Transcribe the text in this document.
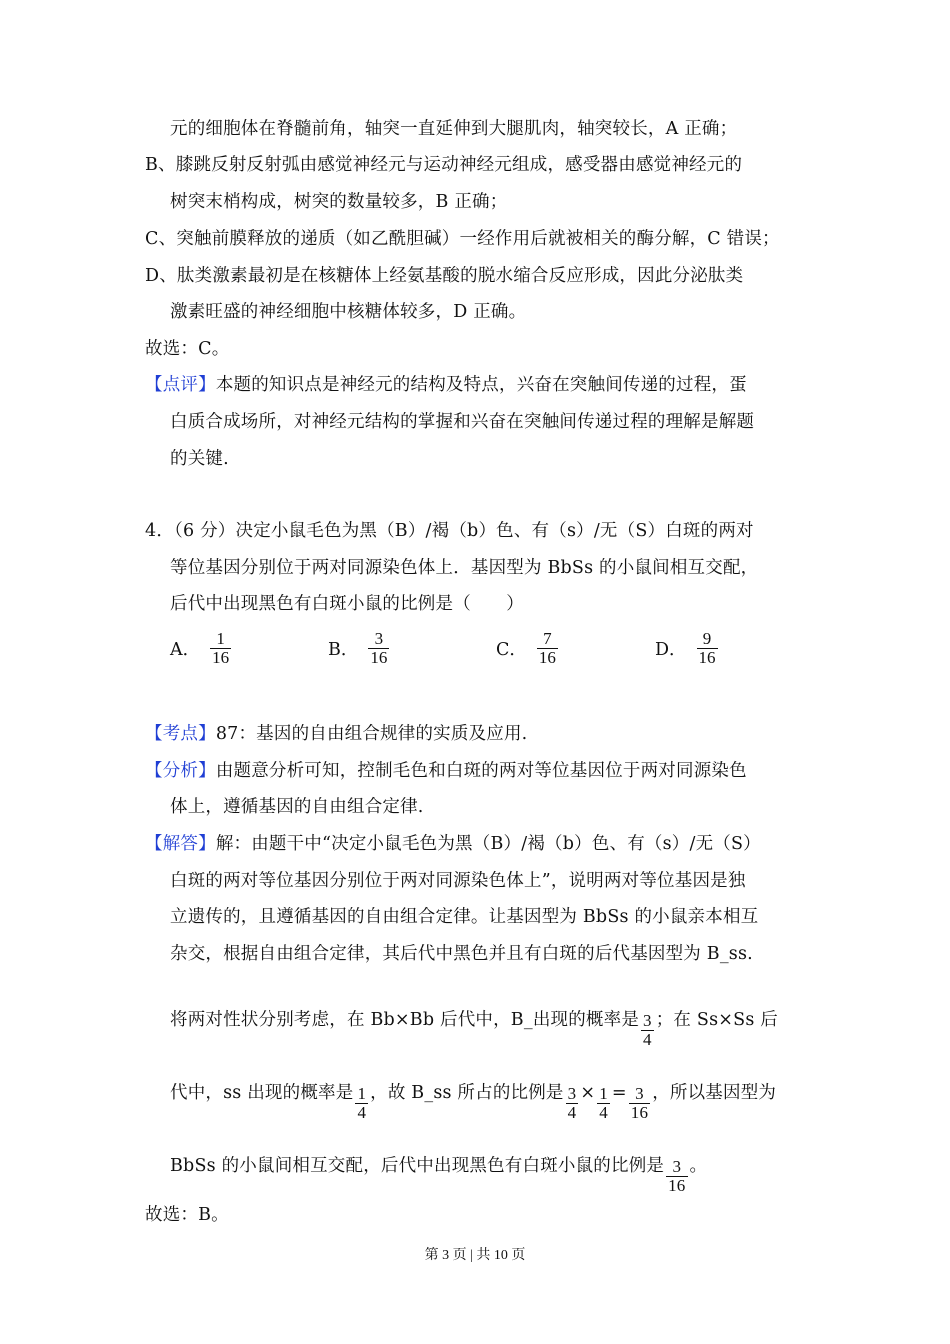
元的细胞体在脊髓前角，轴突一直延伸到大腿肌肉，轴突较长，A 正确；
B、膝跳反射反射弧由感觉神经元与运动神经元组成，感受器由感觉神经元的
树突末梢构成，树突的数量较多，B 正确；
C、突触前膜释放的递质（如乙酰胆碱）一经作用后就被相关的酶分解，C 错误；
D、肽类激素最初是在核糖体上经氨基酸的脱水缩合反应形成，因此分泌肽类
激素旺盛的神经细胞中核糖体较多，D 正确。
故选：C。
【点评】本题的知识点是神经元的结构及特点，兴奋在突触间传递的过程，蛋
白质合成场所，对神经元结构的掌握和兴奋在突触间传递过程的理解是解题
的关键.
4．（6 分）决定小鼠毛色为黑（B）/褐（b）色、有（s）/无（S）白斑的两对
等位基因分别位于两对同源染色体上．基因型为 BbSs 的小鼠间相互交配，
后代中出现黑色有白斑小鼠的比例是（　　）
A． $\frac{1}{16}$	B． $\frac{3}{16}$	C． $\frac{7}{16}$	D． $\frac{9}{16}$
【考点】87：基因的自由组合规律的实质及应用.
【分析】由题意分析可知，控制毛色和白斑的两对等位基因位于两对同源染色
体上，遵循基因的自由组合定律.
【解答】解：由题干中“决定小鼠毛色为黑（B）/褐（b）色、有（s）/无（S）
白斑的两对等位基因分别位于两对同源染色体上”，说明两对等位基因是独
立遗传的，且遵循基因的自由组合定律。让基因型为 BbSs 的小鼠亲本相互
杂交，根据自由组合定律，其后代中黑色并且有白斑的后代基因型为 B_ss.
将两对性状分别考虑，在 Bb×Bb 后代中，B_出现的概率是 $\frac{3}{4}$ ；在 Ss×Ss 后
代中，ss 出现的概率是 $\frac{1}{4}$ ，故 B_ss 所占的比例是 $\frac{3}{4} \times \frac{1}{4} = \frac{3}{16}$ ，所以基因型为
BbSs 的小鼠间相互交配，后代中出现黑色有白斑小鼠的比例是 $\frac{3}{16}$ 。
故选：B。
第 3 页 | 共 10 页
